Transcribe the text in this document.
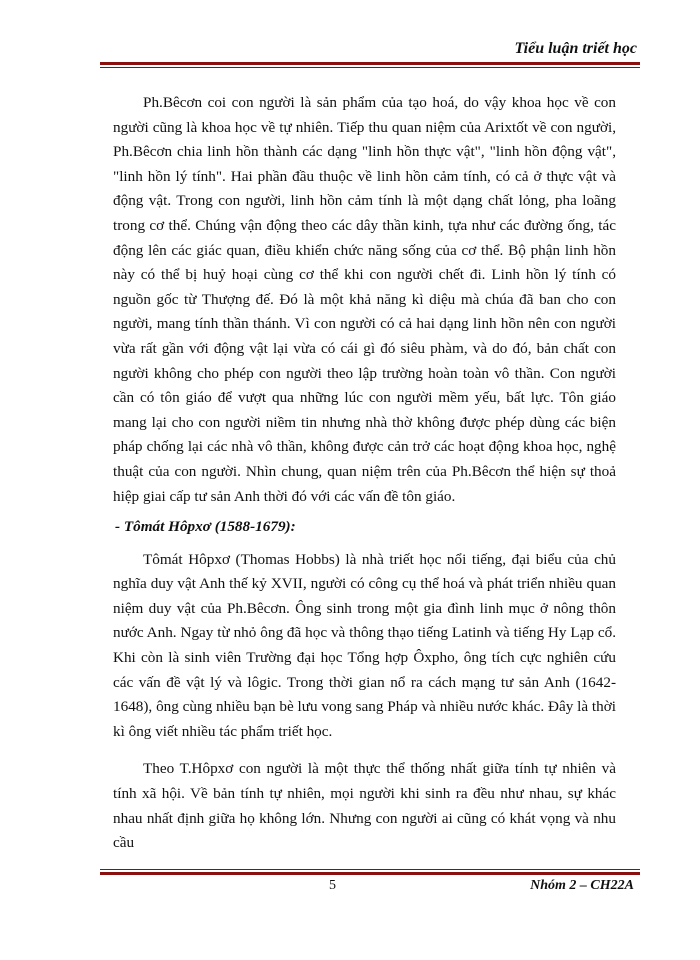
Tiểu luận triết học

Ph.Bêcơn coi con người là sản phẩm của tạo hoá, do vậy khoa học về con người cũng là khoa học về tự nhiên. Tiếp thu quan niệm của Arixtốt về con người, Ph.Bêcơn chia linh hồn thành các dạng "linh hồn thực vật", "linh hồn động vật", "linh hồn lý tính". Hai phần đầu thuộc về linh hồn cảm tính, có cả ở thực vật và động vật. Trong con người, linh hồn cảm tính là một dạng chất lỏng, pha loãng trong cơ thể. Chúng vận động theo các dây thần kinh, tựa như các đường ống, tác động lên các giác quan, điều khiển chức năng sống của cơ thể. Bộ phận linh hồn này có thể bị huỷ hoại cùng cơ thể khi con người chết đi. Linh hồn lý tính có nguồn gốc từ Thượng đế. Đó là một khả năng kì diệu mà chúa đã ban cho con người, mang tính thần thánh. Vì con người có cả hai dạng linh hồn nên con người vừa rất gần với động vật lại vừa có cái gì đó siêu phàm, và do đó, bản chất con người không cho phép con người theo lập trường hoàn toàn vô thần. Con người cần có tôn giáo để vượt qua những lúc con người mềm yếu, bất lực. Tôn giáo mang lại cho con người niềm tin nhưng nhà thờ không được phép dùng các biện pháp chống lại các nhà vô thần, không được cản trở các hoạt động khoa học, nghệ thuật của con người. Nhìn chung, quan niệm trên của Ph.Bêcơn thể hiện sự thoả hiệp giai cấp tư sản Anh thời đó với các vấn đề tôn giáo.

- Tômát Hôpxơ (1588-1679):

Tômát Hôpxơ (Thomas Hobbs) là nhà triết học nổi tiếng, đại biểu của chủ nghĩa duy vật Anh thế kỷ XVII, người có công cụ thể hoá và phát triển nhiều quan niệm duy vật của Ph.Bêcơn. Ông sinh trong một gia đình linh mục ở nông thôn nước Anh. Ngay từ nhỏ ông đã học và thông thạo tiếng Latinh và tiếng Hy Lạp cổ. Khi còn là sinh viên Trường đại học Tổng hợp Ôxpho, ông tích cực nghiên cứu các vấn đề vật lý và lôgic. Trong thời gian nổ ra cách mạng tư sản Anh (1642-1648), ông cùng nhiều bạn bè lưu vong sang Pháp và nhiều nước khác. Đây là thời kì ông viết nhiều tác phẩm triết học.

Theo T.Hôpxơ con người là một thực thể thống nhất giữa tính tự nhiên và tính xã hội. Về bản tính tự nhiên, mọi người khi sinh ra đều như nhau, sự khác nhau nhất định giữa họ không lớn. Nhưng con người ai cũng có khát vọng và nhu cầu

5	Nhóm 2 – CH22A
